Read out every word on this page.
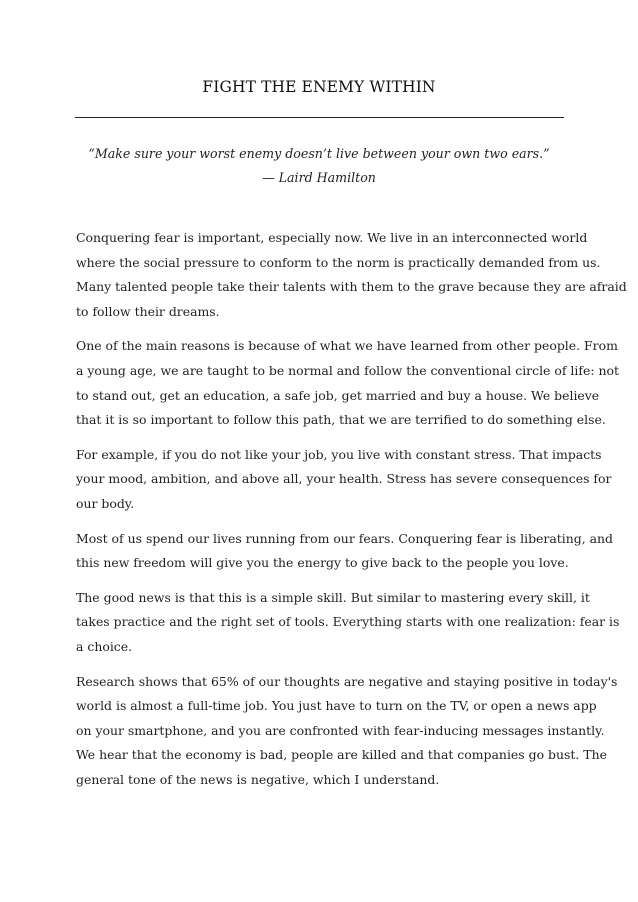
FIGHT THE ENEMY WITHIN
“Make sure your worst enemy doesn’t live between your own two ears.”
— Laird Hamilton

Conquering fear is important, especially now. We live in an interconnected world
where the social pressure to conform to the norm is practically demanded from us.
Many talented people take their talents with them to the grave because they are afraid
to follow their dreams.

One of the main reasons is because of what we have learned from other people. From
a young age, we are taught to be normal and follow the conventional circle of life: not
to stand out, get an education, a safe job, get married and buy a house. We believe
that it is so important to follow this path, that we are terrified to do something else.

For example, if you do not like your job, you live with constant stress. That impacts
your mood, ambition, and above all, your health. Stress has severe consequences for
our body.

Most of us spend our lives running from our fears. Conquering fear is liberating, and
this new freedom will give you the energy to give back to the people you love.

The good news is that this is a simple skill. But similar to mastering every skill, it
takes practice and the right set of tools. Everything starts with one realization: fear is
a choice.

Research shows that 65% of our thoughts are negative and staying positive in today's
world is almost a full-time job. You just have to turn on the TV, or open a news app
on your smartphone, and you are confronted with fear-inducing messages instantly.
We hear that the economy is bad, people are killed and that companies go bust. The
general tone of the news is negative, which I understand.
